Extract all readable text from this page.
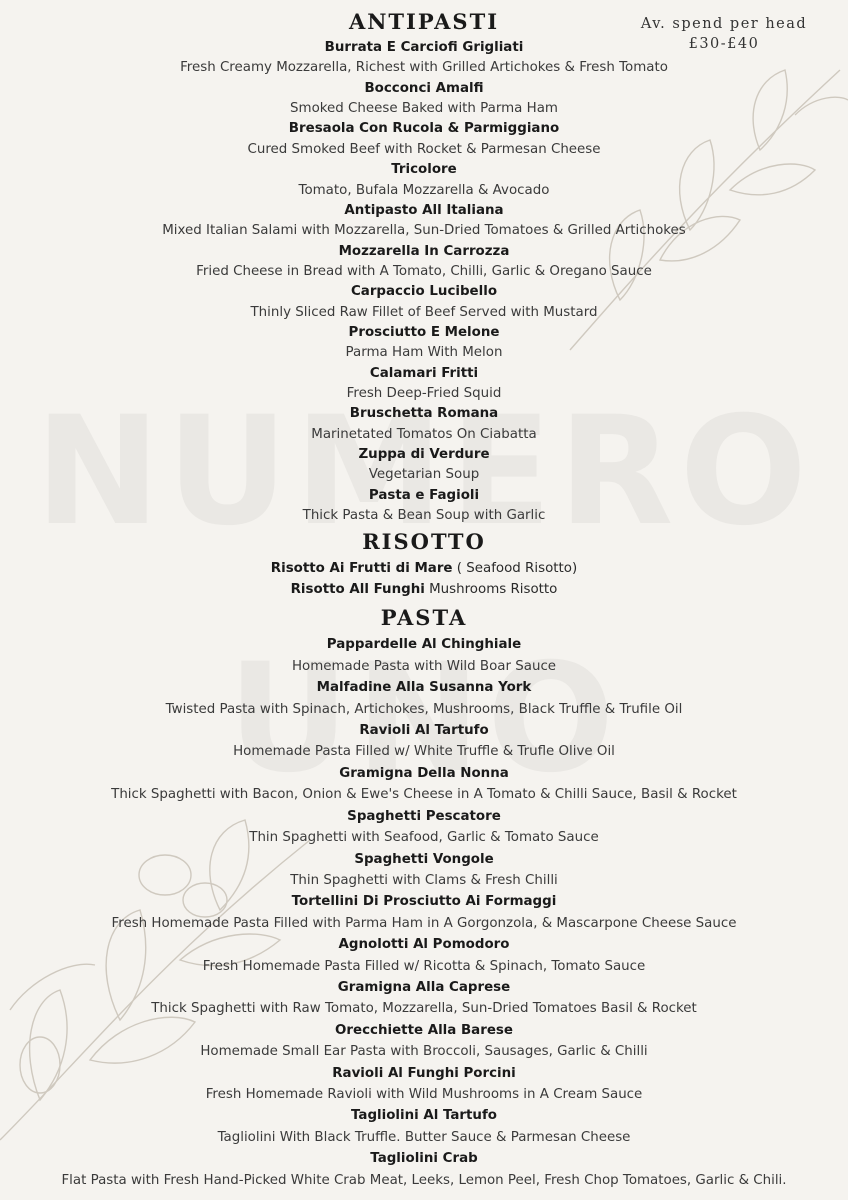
Av. spend per head
£30-£40
ANTIPASTI
Burrata E Carciofi Grigliati
Fresh Creamy Mozzarella, Richest with Grilled Artichokes & Fresh Tomato
Bocconci Amalfi
Smoked Cheese Baked with Parma Ham
Bresaola Con Rucola & Parmiggiano
Cured Smoked Beef with Rocket & Parmesan Cheese
Tricolore
Tomato, Bufala Mozzarella & Avocado
Antipasto All Italiana
Mixed Italian Salami with Mozzarella, Sun-Dried Tomatoes & Grilled Artichokes
Mozzarella In Carrozza
Fried Cheese in Bread with A Tomato, Chilli, Garlic & Oregano Sauce
Carpaccio Lucibello
Thinly Sliced Raw Fillet of Beef Served with Mustard
Prosciutto E Melone
Parma Ham With Melon
Calamari Fritti
Fresh Deep-Fried Squid
Bruschetta Romana
Marinetated Tomatos On Ciabatta
Zuppa di Verdure
Vegetarian Soup
Pasta e Fagioli
Thick Pasta & Bean Soup with Garlic
RISOTTO
Risotto Ai Frutti di Mare ( Seafood Risotto)
Risotto All Funghi Mushrooms Risotto
PASTA
Pappardelle Al Chinghiale
Homemade Pasta with Wild Boar Sauce
Malfadine Alla Susanna York
Twisted Pasta with Spinach, Artichokes, Mushrooms, Black Truffle & Trufile Oil
Ravioli Al Tartufo
Homemade Pasta Filled w/ White Truffle & Trufle Olive Oil
Gramigna Della Nonna
Thick Spaghetti with Bacon, Onion & Ewe's Cheese in A Tomato & Chilli Sauce, Basil & Rocket
Spaghetti Pescatore
Thin Spaghetti with Seafood, Garlic & Tomato Sauce
Spaghetti Vongole
Thin Spaghetti with Clams & Fresh Chilli
Tortellini Di Prosciutto Ai Formaggi
Fresh Homemade Pasta Filled with Parma Ham in A Gorgonzola, & Mascarpone Cheese Sauce
Agnolotti Al Pomodoro
Fresh Homemade Pasta Filled w/ Ricotta & Spinach, Tomato Sauce
Gramigna Alla Caprese
Thick Spaghetti with Raw Tomato, Mozzarella, Sun-Dried Tomatoes Basil & Rocket
Orecchiette Alla Barese
Homemade Small Ear Pasta with Broccoli, Sausages, Garlic & Chilli
Ravioli Al Funghi Porcini
Fresh Homemade Ravioli with Wild Mushrooms in A Cream Sauce
Tagliolini Al Tartufo
Tagliolini With Black Truffle. Butter Sauce & Parmesan Cheese
Tagliolini Crab
Flat Pasta with Fresh Hand-Picked White Crab Meat, Leeks, Lemon Peel, Fresh Chop Tomatoes, Garlic & Chili.
